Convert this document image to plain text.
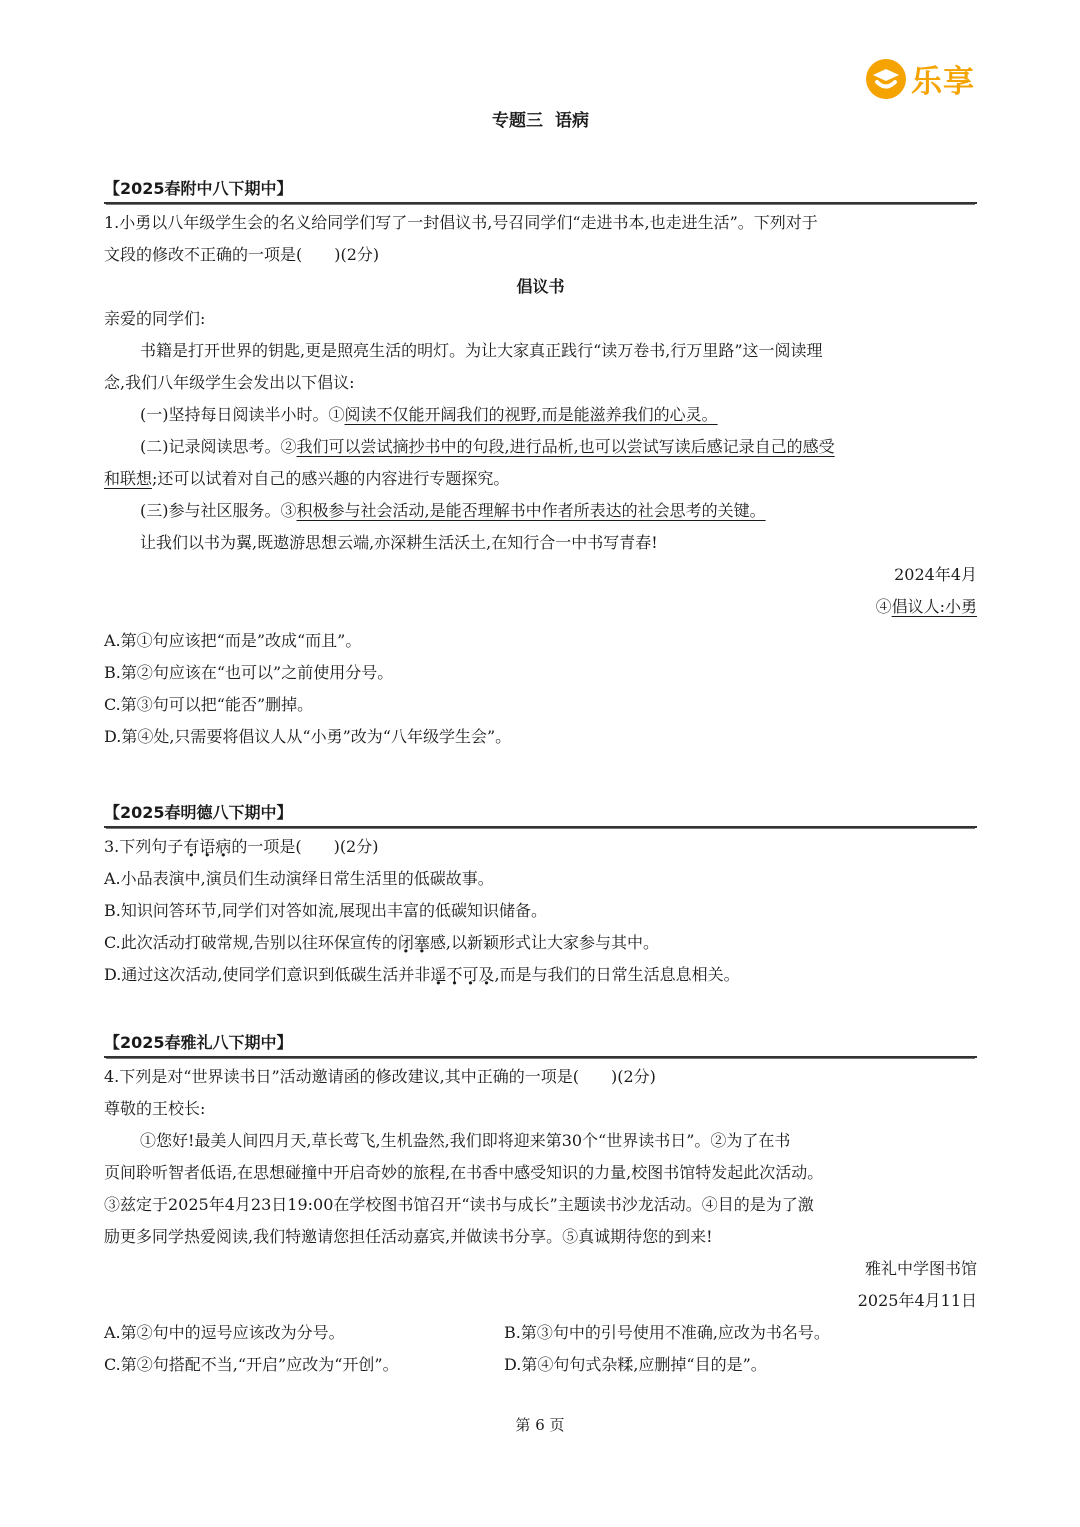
乐享
专题三 语病
【2025春附中八下期中】
1.小勇以八年级学生会的名义给同学们写了一封倡议书,号召同学们“走进书本,也走进生活”。下列对于
文段的修改不正确的一项是(　　)(2分)
倡议书
亲爱的同学们:
书籍是打开世界的钥匙,更是照亮生活的明灯。为让大家真正践行“读万卷书,行万里路”这一阅读理
念,我们八年级学生会发出以下倡议:
(一)坚持每日阅读半小时。①阅读不仅能开阔我们的视野,而是能滋养我们的心灵。
(二)记录阅读思考。②我们可以尝试摘抄书中的句段,进行品析,也可以尝试写读后感记录自己的感受
和联想;还可以试着对自己的感兴趣的内容进行专题探究。
(三)参与社区服务。③积极参与社会活动,是能否理解书中作者所表达的社会思考的关键。
让我们以书为翼,既遨游思想云端,亦深耕生活沃土,在知行合一中书写青春!
2024年4月
④倡议人:小勇
A.第①句应该把“而是”改成“而且”。
B.第②句应该在“也可以”之前使用分号。
C.第③句可以把“能否”删掉。
D.第④处,只需要将倡议人从“小勇”改为“八年级学生会”。
【2025春明德八下期中】
3.下列句子有语病的一项是(　　)(2分)
A.小品表演中,演员们生动演绎日常生活里的低碳故事。
B.知识问答环节,同学们对答如流,展现出丰富的低碳知识储备。
C.此次活动打破常规,告别以往环保宣传的闭塞感,以新颖形式让大家参与其中。
D.通过这次活动,使同学们意识到低碳生活并非遥不可及,而是与我们的日常生活息息相关。
【2025春雅礼八下期中】
4.下列是对“世界读书日”活动邀请函的修改建议,其中正确的一项是(　　)(2分)
尊敬的王校长:
①您好!最美人间四月天,草长莺飞,生机盎然,我们即将迎来第30个“世界读书日”。②为了在书
页间聆听智者低语,在思想碰撞中开启奇妙的旅程,在书香中感受知识的力量,校图书馆特发起此次活动。
③兹定于2025年4月23日19:00在学校图书馆召开“读书与成长”主题读书沙龙活动。④目的是为了激
励更多同学热爱阅读,我们特邀请您担任活动嘉宾,并做读书分享。⑤真诚期待您的到来!
雅礼中学图书馆
2025年4月11日
A.第②句中的逗号应该改为分号。	B.第③句中的引号使用不准确,应改为书名号。
C.第②句搭配不当,“开启”应改为“开创”。	D.第④句句式杂糅,应删掉“目的是”。
第 6 页
